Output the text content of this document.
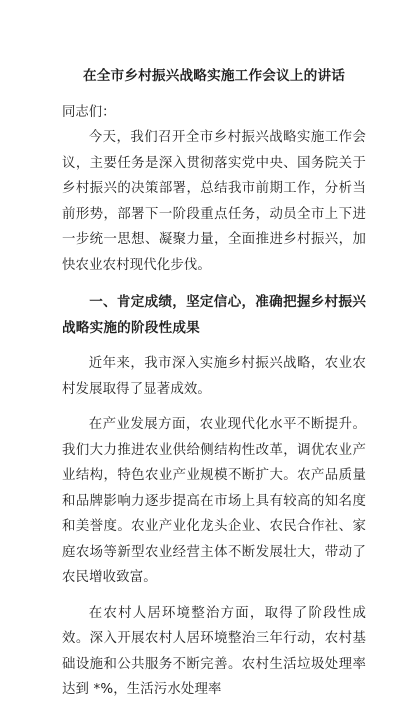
在全市乡村振兴战略实施工作会议上的讲话

同志们：

今天，我们召开全市乡村振兴战略实施工作会议，主要任务是深入贯彻落实党中央、国务院关于乡村振兴的决策部署，总结我市前期工作，分析当前形势，部署下一阶段重点任务，动员全市上下进一步统一思想、凝聚力量，全面推进乡村振兴，加快农业农村现代化步伐。

一、肯定成绩，坚定信心，准确把握乡村振兴战略实施的阶段性成果

近年来，我市深入实施乡村振兴战略，农业农村发展取得了显著成效。

在产业发展方面，农业现代化水平不断提升。我们大力推进农业供给侧结构性改革，调优农业产业结构，特色农业产业规模不断扩大。农产品质量和品牌影响力逐步提高在市场上具有较高的知名度和美誉度。农业产业化龙头企业、农民合作社、家庭农场等新型农业经营主体不断发展壮大，带动了农民增收致富。

在农村人居环境整治方面，取得了阶段性成效。深入开展农村人居环境整治三年行动，农村基础设施和公共服务不断完善。农村生活垃圾处理率达到 *%，生活污水处理率
